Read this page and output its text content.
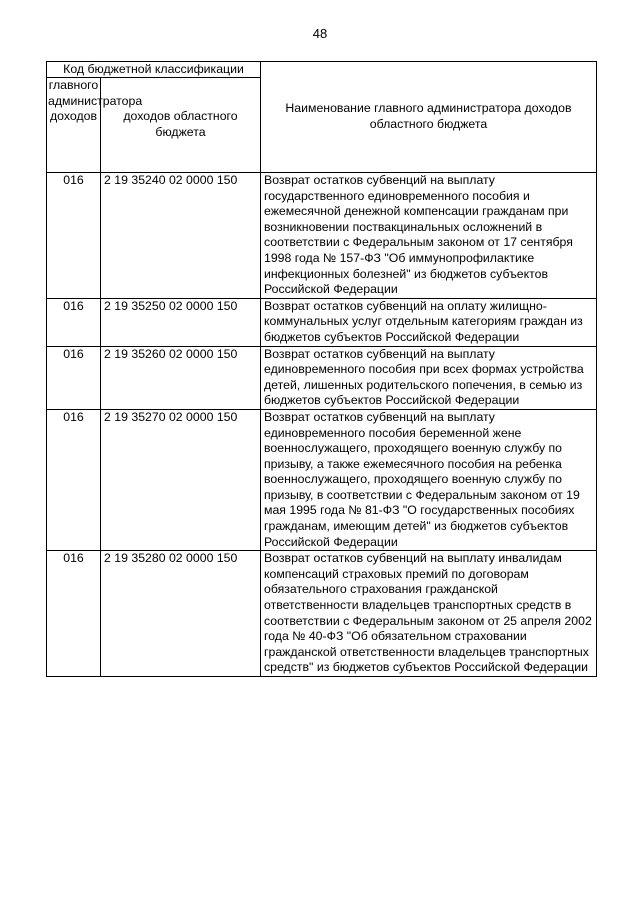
48
Код бюджетной классификации		Наименование главного администратора доходов областного бюджета
главного администратора доходов	доходов областного бюджета	
016	2 19 35240 02 0000 150	Возврат остатков субвенций на выплату государственного единовременного пособия и ежемесячной денежной компенсации гражданам при возникновении поствакцинальных осложнений в соответствии с Федеральным законом от 17 сентября 1998 года № 157-ФЗ "Об иммунопрофилактике инфекционных болезней" из бюджетов субъектов Российской Федерации
016	2 19 35250 02 0000 150	Возврат остатков субвенций на оплату жилищно-коммунальных услуг отдельным категориям граждан из бюджетов субъектов Российской Федерации
016	2 19 35260 02 0000 150	Возврат остатков субвенций на выплату единовременного пособия при всех формах устройства детей, лишенных родительского попечения, в семью из бюджетов субъектов Российской Федерации
016	2 19 35270 02 0000 150	Возврат остатков субвенций на выплату единовременного пособия беременной жене военнослужащего, проходящего военную службу по призыву, а также ежемесячного пособия на ребенка военнослужащего, проходящего военную службу по призыву, в соответствии с Федеральным законом от 19 мая 1995 года № 81-ФЗ "О государственных пособиях гражданам, имеющим детей" из бюджетов субъектов Российской Федерации
016	2 19 35280 02 0000 150	Возврат остатков субвенций на выплату инвалидам компенсаций страховых премий по договорам обязательного страхования гражданской ответственности владельцев транспортных средств в соответствии с Федеральным законом от 25 апреля 2002 года № 40-ФЗ "Об обязательном страховании гражданской ответственности владельцев транспортных средств" из бюджетов субъектов Российской Федерации
